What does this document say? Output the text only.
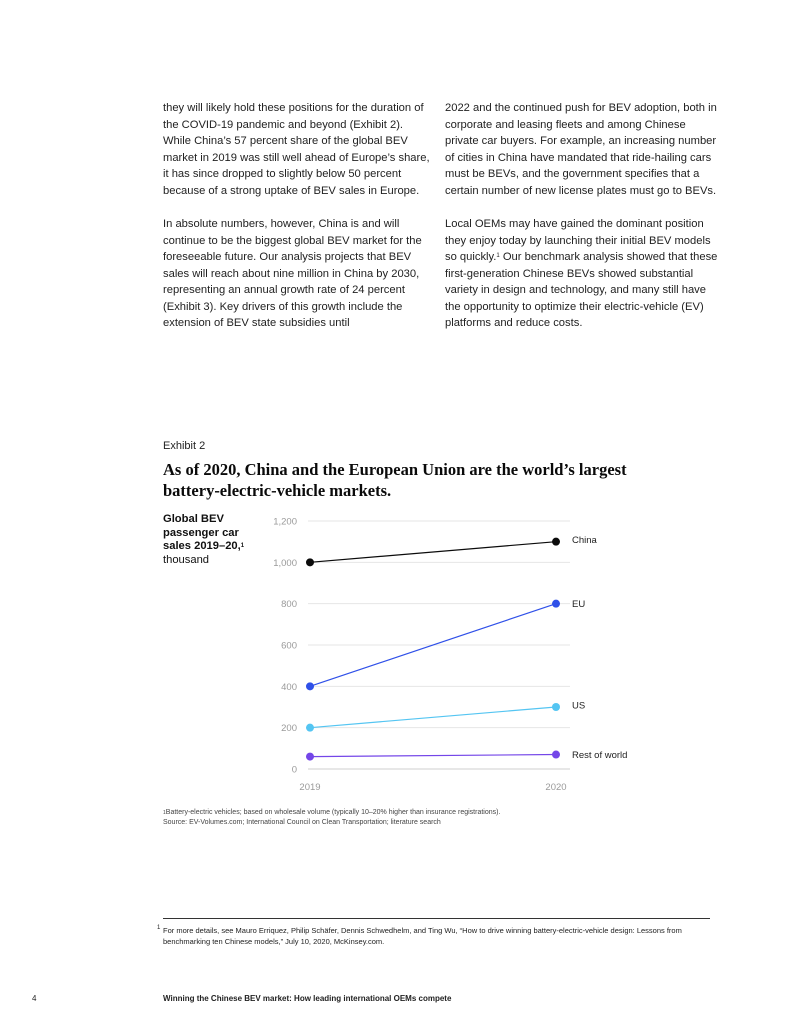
they will likely hold these positions for the duration of the COVID-19 pandemic and beyond (Exhibit 2). While China’s 57 percent share of the global BEV market in 2019 was still well ahead of Europe’s share, it has since dropped to slightly below 50 percent because of a strong uptake of BEV sales in Europe.

In absolute numbers, however, China is and will continue to be the biggest global BEV market for the foreseeable future. Our analysis projects that BEV sales will reach about nine million in China by 2030, representing an annual growth rate of 24 percent (Exhibit 3). Key drivers of this growth include the extension of BEV state subsidies until

2022 and the continued push for BEV adoption, both in corporate and leasing fleets and among Chinese private car buyers. For example, an increasing number of cities in China have mandated that ride-hailing cars must be BEVs, and the government specifies that a certain number of new license plates must go to BEVs.

Local OEMs may have gained the dominant position they enjoy today by launching their initial BEV models so quickly.$^1$ Our benchmark analysis showed that these first-generation Chinese BEVs showed substantial variety in design and technology, and many still have the opportunity to optimize their electric-vehicle (EV) platforms and reduce costs.

Exhibit 2
As of 2020, China and the European Union are the world’s largest battery-electric-vehicle markets.
Global BEV passenger car sales 2019–20,$^1$
thousand
0
200
400
600
800
1,000
1,200
2019	2020
China
EU
US
Rest of world
$^1$Battery-electric vehicles; based on wholesale volume (typically 10–20% higher than insurance registrations).
Source: EV-Volumes.com; International Council on Clean Transportation; literature search
1 For more details, see Mauro Erriquez, Philip Schäfer, Dennis Schwedhelm, and Ting Wu, “How to drive winning battery-electric-vehicle design: Lessons from benchmarking ten Chinese models,” July 10, 2020, McKinsey.com.
4	Winning the Chinese BEV market: How leading international OEMs compete
